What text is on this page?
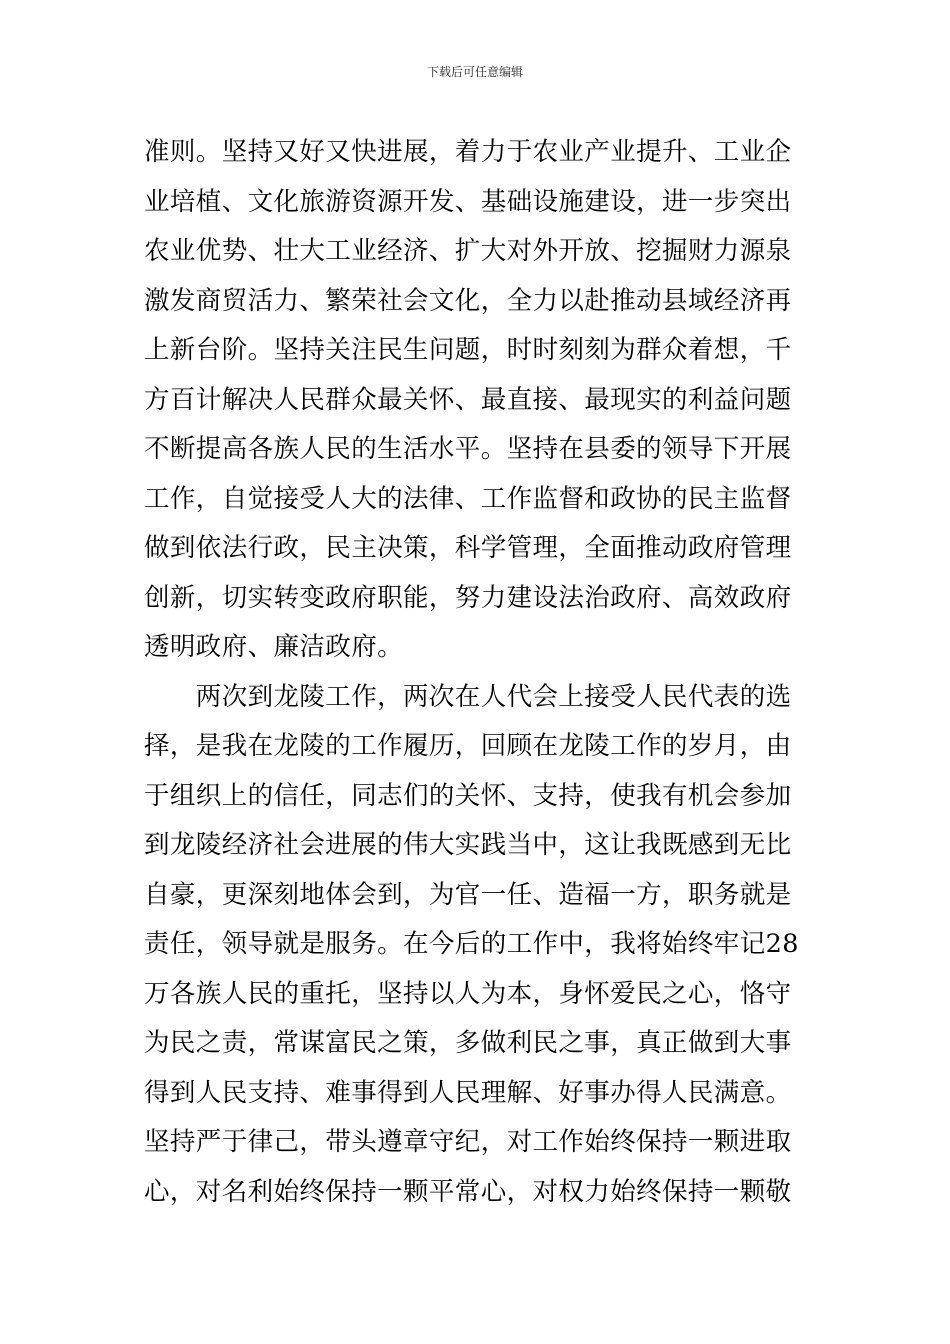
下载后可任意编辑
准则。坚持又好又快进展，着力于农业产业提升、工业企
业培植、文化旅游资源开发、基础设施建设，进一步突出
农业优势、壮大工业经济、扩大对外开放、挖掘财力源泉
激发商贸活力、繁荣社会文化，全力以赴推动县域经济再
上新台阶。坚持关注民生问题，时时刻刻为群众着想，千
方百计解决人民群众最关怀、最直接、最现实的利益问题
不断提高各族人民的生活水平。坚持在县委的领导下开展
工作，自觉接受人大的法律、工作监督和政协的民主监督
做到依法行政，民主决策，科学管理，全面推动政府管理
创新，切实转变政府职能，努力建设法治政府、高效政府
透明政府、廉洁政府。
　　两次到龙陵工作，两次在人代会上接受人民代表的选
择，是我在龙陵的工作履历，回顾在龙陵工作的岁月，由
于组织上的信任，同志们的关怀、支持，使我有机会参加
到龙陵经济社会进展的伟大实践当中，这让我既感到无比
自豪，更深刻地体会到，为官一任、造福一方，职务就是
责任，领导就是服务。在今后的工作中，我将始终牢记28
万各族人民的重托，坚持以人为本，身怀爱民之心，恪守
为民之责，常谋富民之策，多做利民之事，真正做到大事
得到人民支持、难事得到人民理解、好事办得人民满意。
坚持严于律己，带头遵章守纪，对工作始终保持一颗进取
心，对名利始终保持一颗平常心，对权力始终保持一颗敬
